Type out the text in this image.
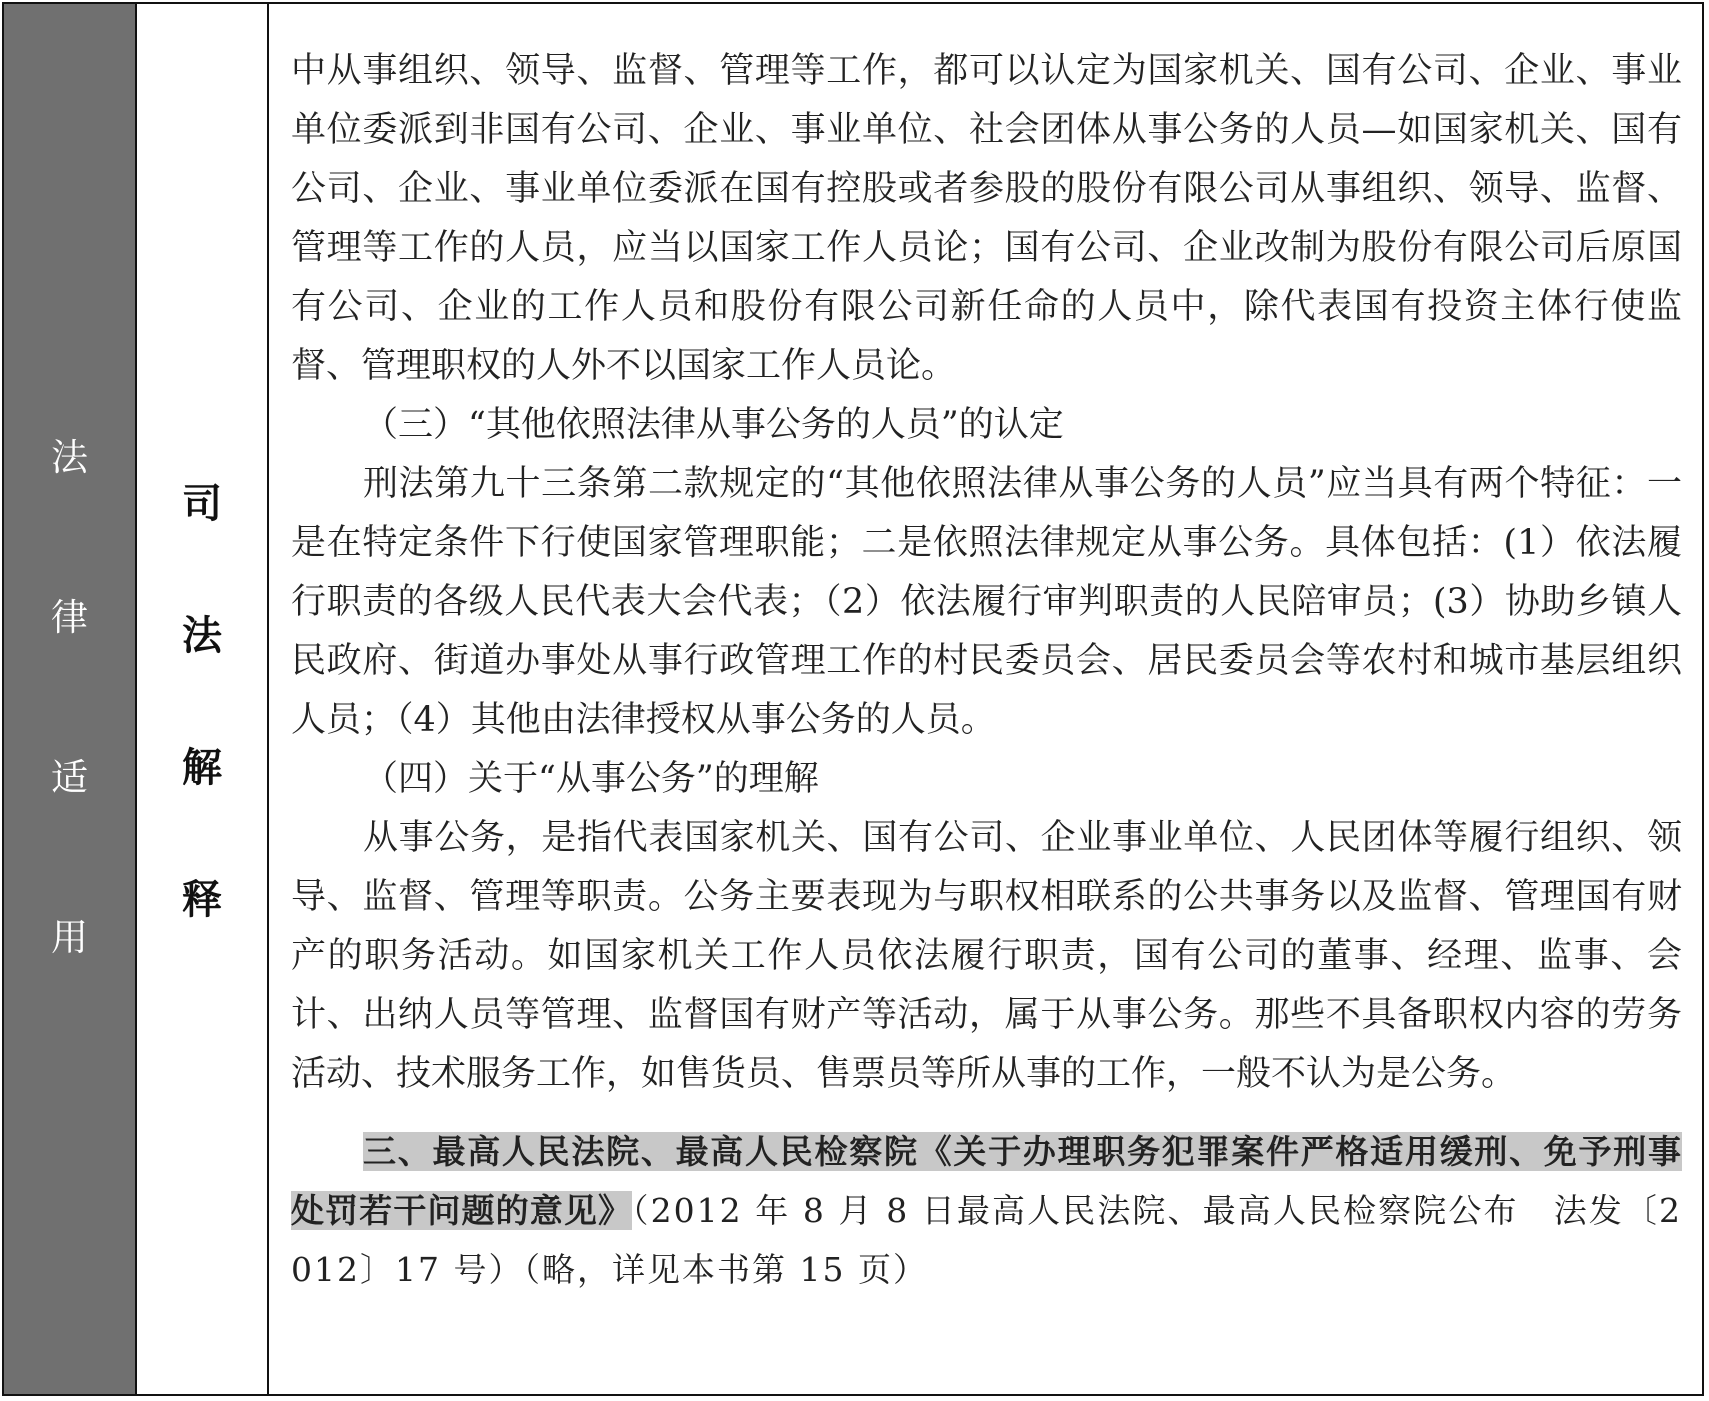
法
律
适
用
司
法
解
释

中从事组织、领导、监督、管理等工作，都可以认定为国家机关、国有公司、企业、事业单位委派到非国有公司、企业、事业单位、社会团体从事公务的人员—如国家机关、国有公司、企业、事业单位委派在国有控股或者参股的股份有限公司从事组织、领导、监督、管理等工作的人员，应当以国家工作人员论；国有公司、企业改制为股份有限公司后原国有公司、企业的工作人员和股份有限公司新任命的人员中，除代表国有投资主体行使监督、管理职权的人外不以国家工作人员论。

（三）“其他依照法律从事公务的人员”的认定

刑法第九十三条第二款规定的“其他依照法律从事公务的人员”应当具有两个特征：一是在特定条件下行使国家管理职能；二是依照法律规定从事公务。具体包括：(1）依法履行职责的各级人民代表大会代表；（2）依法履行审判职责的人民陪审员；(3）协助乡镇人民政府、街道办事处从事行政管理工作的村民委员会、居民委员会等农村和城市基层组织人员；（4）其他由法律授权从事公务的人员。

（四）关于“从事公务”的理解

从事公务，是指代表国家机关、国有公司、企业事业单位、人民团体等履行组织、领导、监督、管理等职责。公务主要表现为与职权相联系的公共事务以及监督、管理国有财产的职务活动。如国家机关工作人员依法履行职责，国有公司的董事、经理、监事、会计、出纳人员等管理、监督国有财产等活动，属于从事公务。那些不具备职权内容的劳务活动、技术服务工作，如售货员、售票员等所从事的工作，一般不认为是公务。

三、最高人民法院、最高人民检察院《关于办理职务犯罪案件严格适用缓刑、免予刑事处罚若干问题的意见》（2012 年 8 月 8 日最高人民法院、最高人民检察院公布　法发〔2012〕17 号）（略，详见本书第 15 页）
